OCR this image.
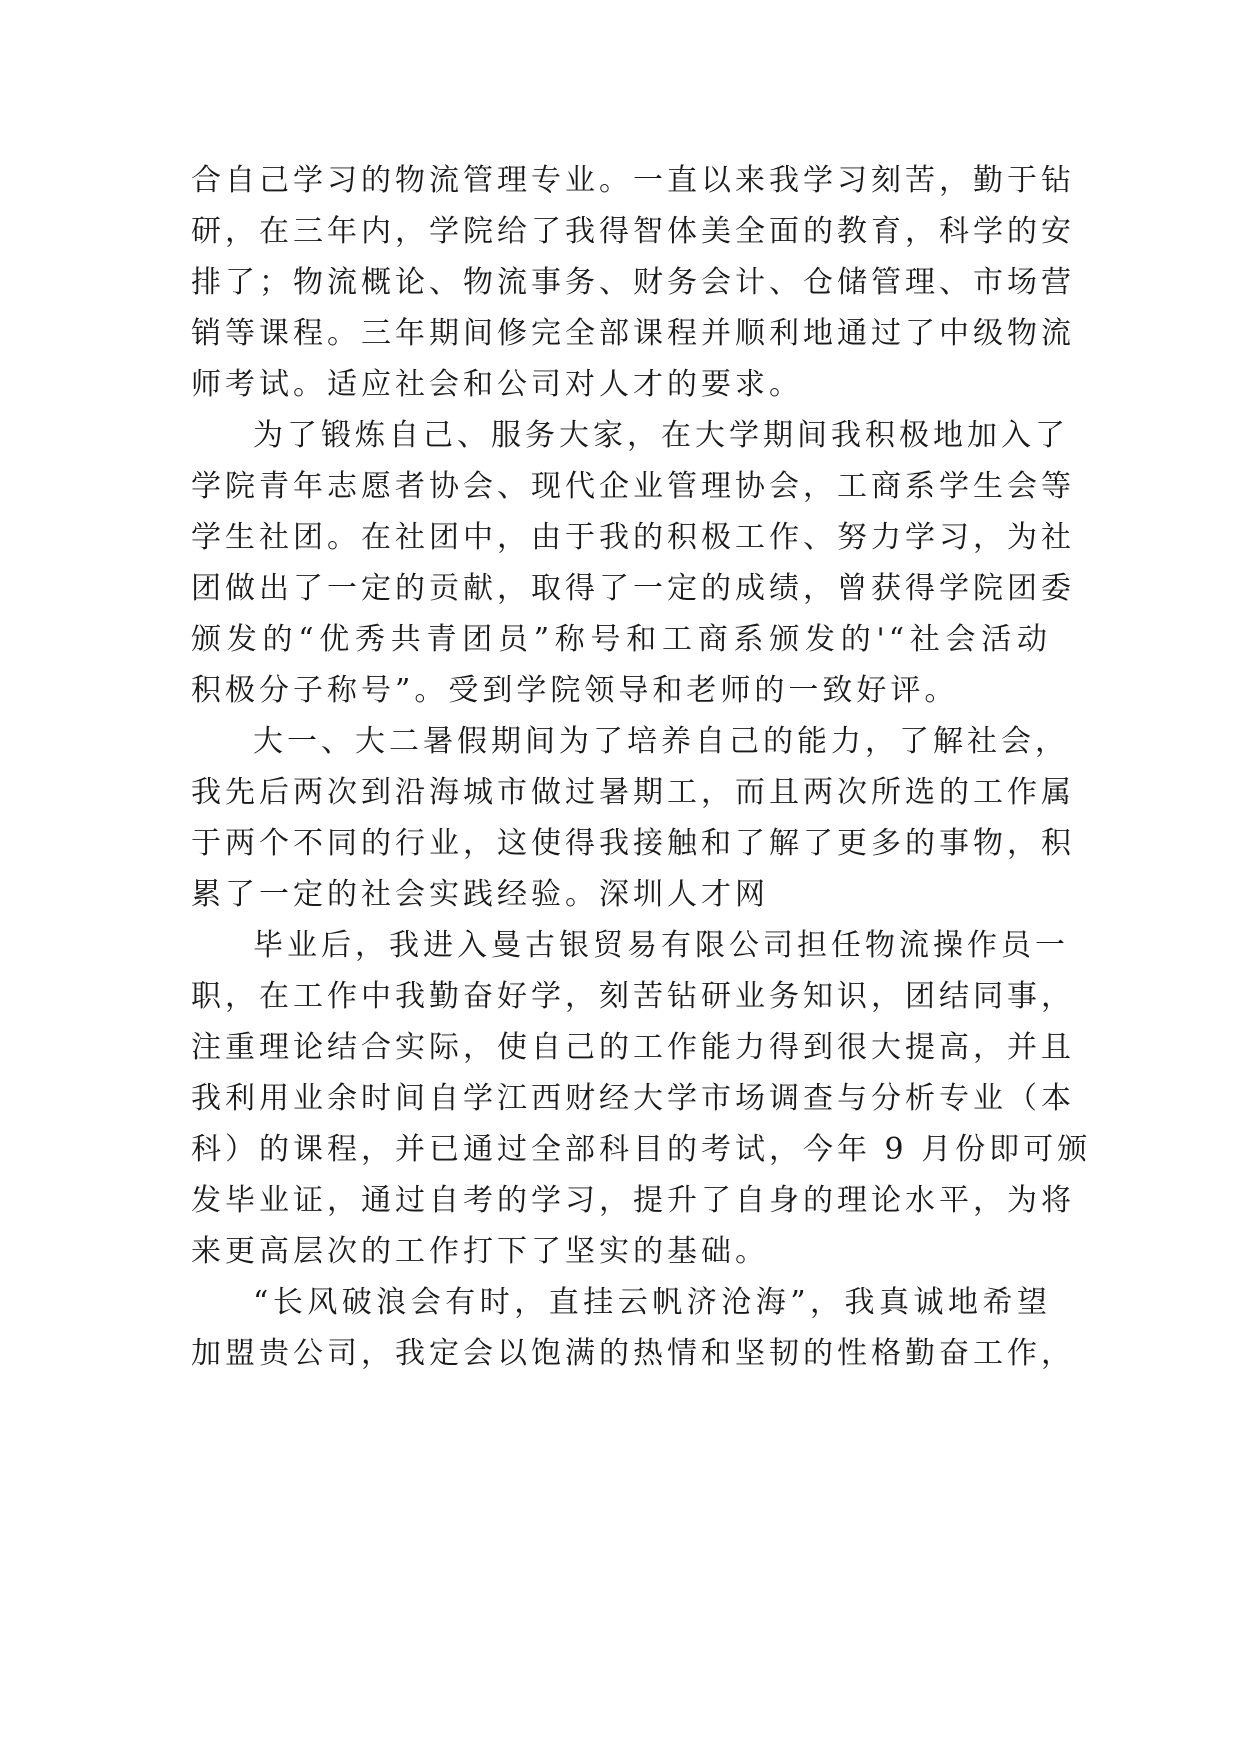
合自己学习的物流管理专业。一直以来我学习刻苦，勤于钻
研，在三年内，学院给了我得智体美全面的教育，科学的安
排了；物流概论、物流事务、财务会计、仓储管理、市场营
销等课程。三年期间修完全部课程并顺利地通过了中级物流
师考试。适应社会和公司对人才的要求。
为了锻炼自己、服务大家，在大学期间我积极地加入了
学院青年志愿者协会、现代企业管理协会，工商系学生会等
学生社团。在社团中，由于我的积极工作、努力学习，为社
团做出了一定的贡献，取得了一定的成绩，曾获得学院团委
颁发的“优秀共青团员”称号和工商系颁发的'“社会活动
积极分子称号”。受到学院领导和老师的一致好评。
大一、大二暑假期间为了培养自己的能力，了解社会，
我先后两次到沿海城市做过暑期工，而且两次所选的工作属
于两个不同的行业，这使得我接触和了解了更多的事物，积
累了一定的社会实践经验。深圳人才网
毕业后，我进入曼古银贸易有限公司担任物流操作员一
职，在工作中我勤奋好学，刻苦钻研业务知识，团结同事，
注重理论结合实际，使自己的工作能力得到很大提高，并且
我利用业余时间自学江西财经大学市场调查与分析专业（本
科）的课程，并已通过全部科目的考试，今年 9 月份即可颁
发毕业证，通过自考的学习，提升了自身的理论水平，为将
来更高层次的工作打下了坚实的基础。
“长风破浪会有时，直挂云帆济沧海”，我真诚地希望
加盟贵公司，我定会以饱满的热情和坚韧的性格勤奋工作，
